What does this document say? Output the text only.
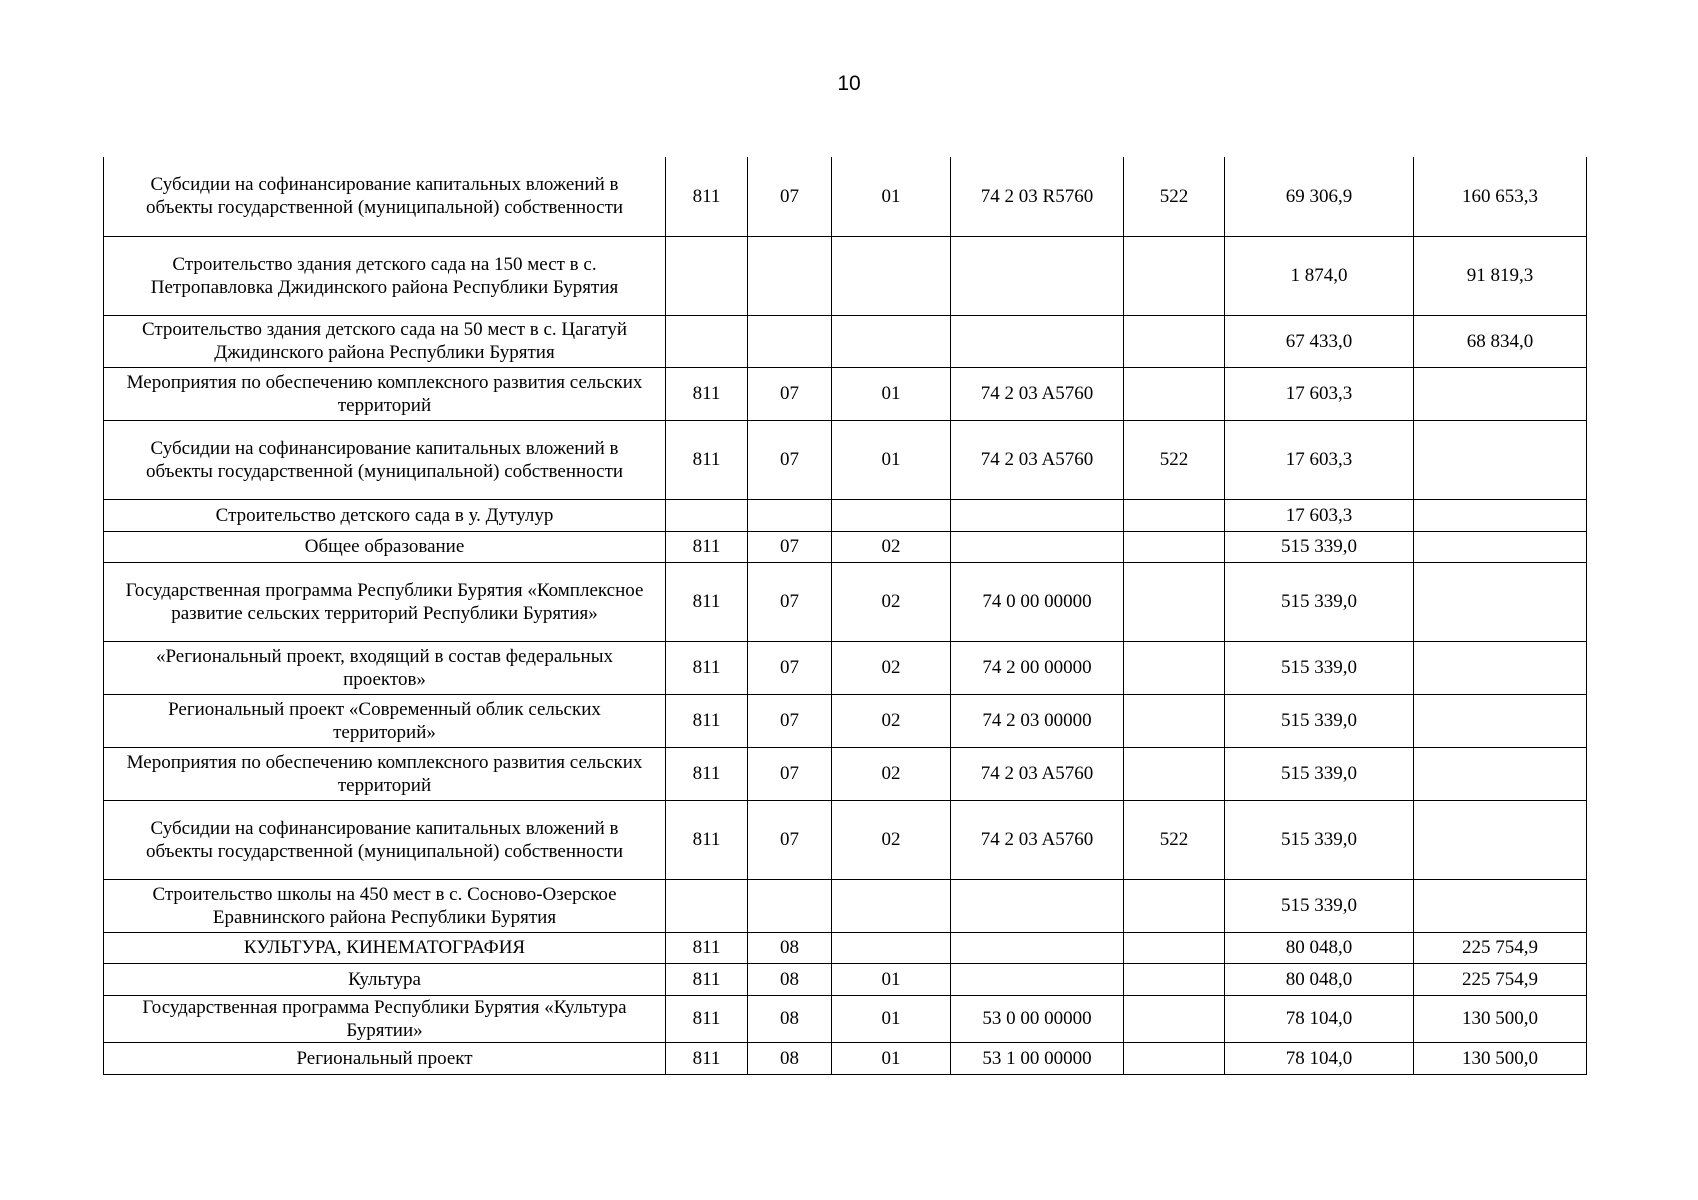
10
Субсидии на софинансирование капитальных вложений в объекты государственной (муниципальной) собственности	811	07	01	74 2 03 R5760	522	69 306,9	160 653,3
Строительство здания детского сада на 150 мест в с. Петропавловка Джидинского района Республики Бурятия						1 874,0	91 819,3
Строительство здания детского сада на 50 мест в с. Цагатуй Джидинского района Республики Бурятия						67 433,0	68 834,0
Мероприятия по обеспечению комплексного развития сельских территорий	811	07	01	74 2 03 A5760		17 603,3	
Субсидии на софинансирование капитальных вложений в объекты государственной (муниципальной) собственности	811	07	01	74 2 03 A5760	522	17 603,3	
Строительство детского сада в у. Дутулур						17 603,3	
Общее образование	811	07	02			515 339,0	
Государственная программа Республики Бурятия «Комплексное развитие сельских территорий Республики Бурятия»	811	07	02	74 0 00 00000		515 339,0	
«Региональный проект, входящий в состав федеральных проектов»	811	07	02	74 2 00 00000		515 339,0	
Региональный проект «Современный облик сельских территорий»	811	07	02	74 2 03 00000		515 339,0	
Мероприятия по обеспечению комплексного развития сельских территорий	811	07	02	74 2 03 A5760		515 339,0	
Субсидии на софинансирование капитальных вложений в объекты государственной (муниципальной) собственности	811	07	02	74 2 03 A5760	522	515 339,0	
Строительство школы на 450 мест в с. Сосново-Озерское Еравнинского района Республики Бурятия						515 339,0	
КУЛЬТУРА, КИНЕМАТОГРАФИЯ	811	08				80 048,0	225 754,9
Культура	811	08	01			80 048,0	225 754,9
Государственная программа Республики Бурятия «Культура Бурятии»	811	08	01	53 0 00 00000		78 104,0	130 500,0
Региональный проект	811	08	01	53 1 00 00000		78 104,0	130 500,0
